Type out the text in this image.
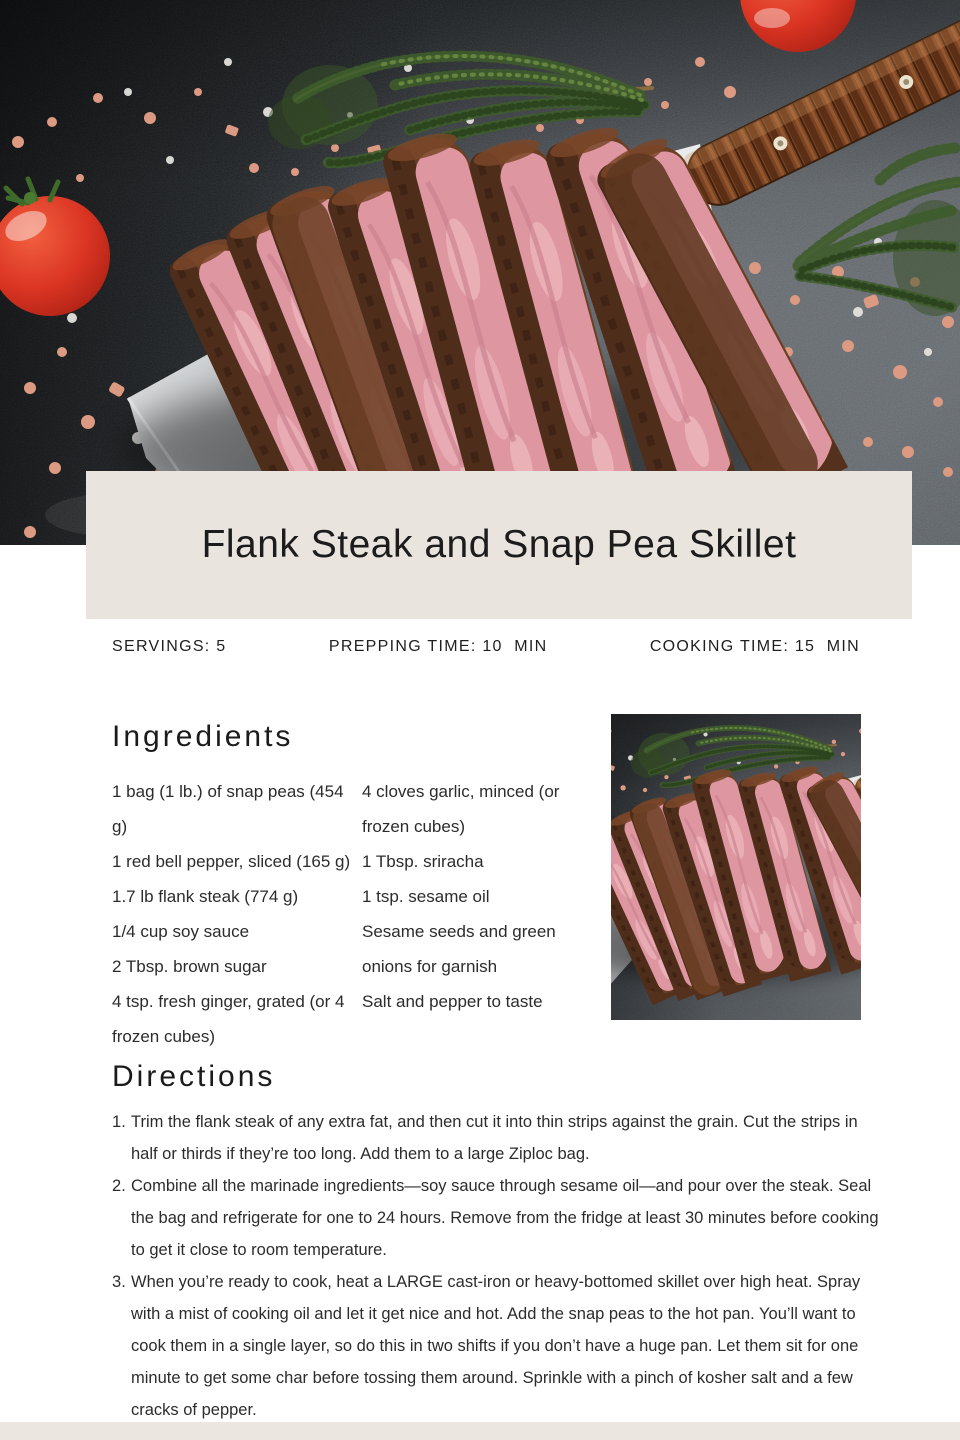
Flank Steak and Snap Pea Skillet
SERVINGS: 5	PREPPING TIME: 10  MIN	COOKING TIME: 15  MIN
Ingredients
1 bag (1 lb.) of snap peas (454 g)
1 red bell pepper, sliced (165 g)
1.7 lb flank steak (774 g)
1/4 cup soy sauce
2 Tbsp. brown sugar
4 tsp. fresh ginger, grated (or 4 frozen cubes)
4 cloves garlic, minced (or frozen cubes)
1 Tbsp. sriracha
1 tsp. sesame oil
Sesame seeds and green onions for garnish
Salt and pepper to taste
Directions
Trim the flank steak of any extra fat, and then cut it into thin strips against the grain. Cut the strips in half or thirds if they’re too long. Add them to a large Ziploc bag.
Combine all the marinade ingredients—soy sauce through sesame oil—and pour over the steak. Seal the bag and refrigerate for one to 24 hours. Remove from the fridge at least 30 minutes before cooking to get it close to room temperature.
When you’re ready to cook, heat a LARGE cast-iron or heavy-bottomed skillet over high heat. Spray with a mist of cooking oil and let it get nice and hot. Add the snap peas to the hot pan. You’ll want to cook them in a single layer, so do this in two shifts if you don’t have a huge pan. Let them sit for one minute to get some char before tossing them around. Sprinkle with a pinch of kosher salt and a few cracks of pepper.
